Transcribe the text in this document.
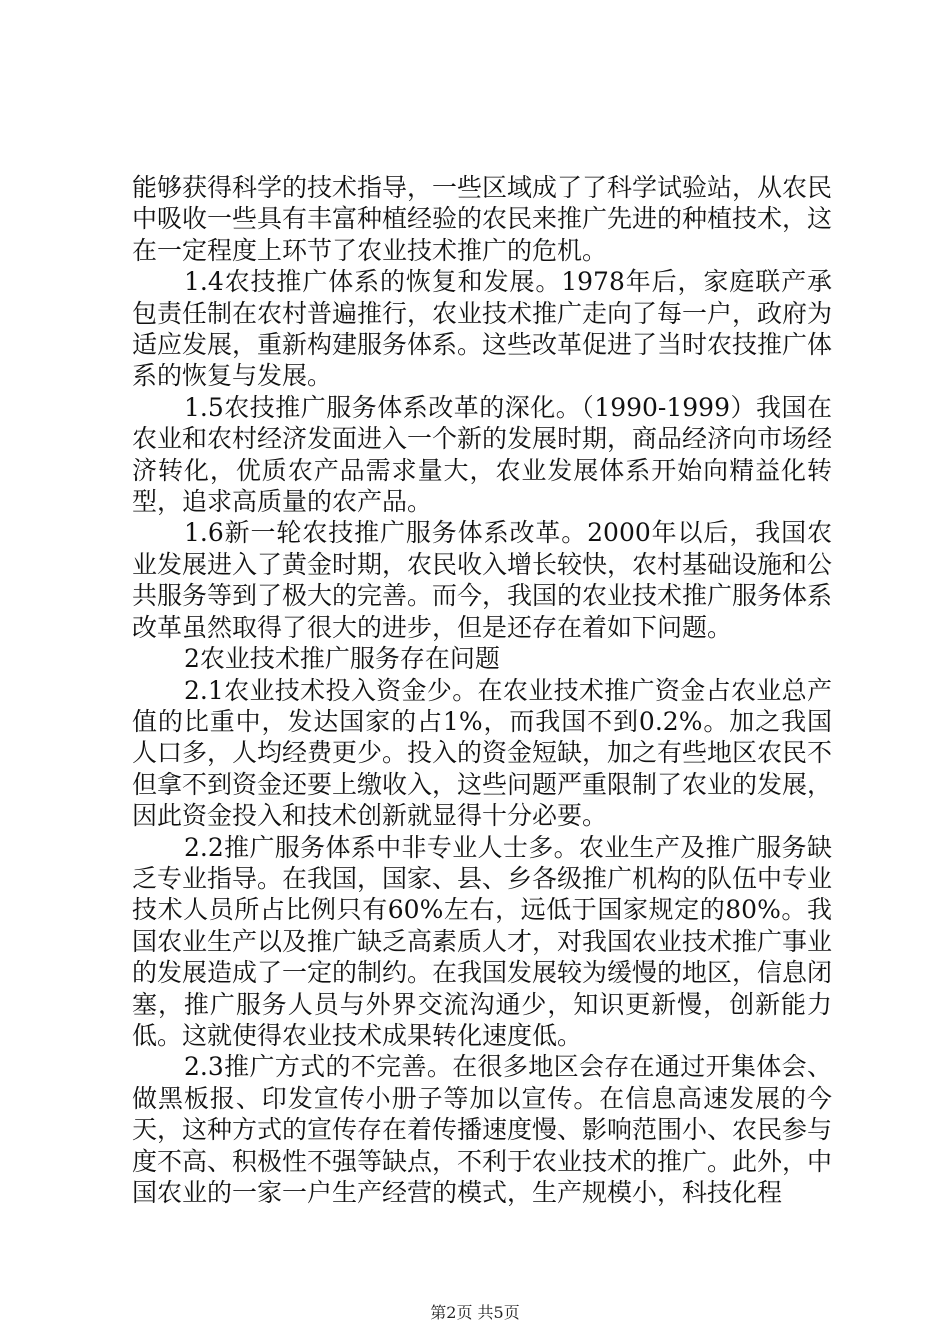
能够获得科学的技术指导，一些区域成了了科学试验站，从农民中吸收一些具有丰富种植经验的农民来推广先进的种植技术，这在一定程度上环节了农业技术推广的危机。

1.4农技推广体系的恢复和发展。1978年后，家庭联产承包责任制在农村普遍推行，农业技术推广走向了每一户，政府为适应发展，重新构建服务体系。这些改革促进了当时农技推广体系的恢复与发展。

1.5农技推广服务体系改革的深化。（1990-1999）我国在农业和农村经济发面进入一个新的发展时期，商品经济向市场经济转化，优质农产品需求量大，农业发展体系开始向精益化转型，追求高质量的农产品。

1.6新一轮农技推广服务体系改革。2000年以后，我国农业发展进入了黄金时期，农民收入增长较快，农村基础设施和公共服务等到了极大的完善。而今，我国的农业技术推广服务体系改革虽然取得了很大的进步，但是还存在着如下问题。

2农业技术推广服务存在问题

2.1农业技术投入资金少。在农业技术推广资金占农业总产值的比重中，发达国家的占1%，而我国不到0.2%。加之我国人口多，人均经费更少。投入的资金短缺，加之有些地区农民不但拿不到资金还要上缴收入，这些问题严重限制了农业的发展，因此资金投入和技术创新就显得十分必要。

2.2推广服务体系中非专业人士多。农业生产及推广服务缺乏专业指导。在我国，国家、县、乡各级推广机构的队伍中专业技术人员所占比例只有60%左右，远低于国家规定的80%。我国农业生产以及推广缺乏高素质人才，对我国农业技术推广事业的发展造成了一定的制约。在我国发展较为缓慢的地区，信息闭塞，推广服务人员与外界交流沟通少，知识更新慢，创新能力低。这就使得农业技术成果转化速度低。

2.3推广方式的不完善。在很多地区会存在通过开集体会、做黑板报、印发宣传小册子等加以宣传。在信息高速发展的今天，这种方式的宣传存在着传播速度慢、影响范围小、农民参与度不高、积极性不强等缺点，不利于农业技术的推广。此外，中国农业的一家一户生产经营的模式，生产规模小，科技化程

第2页 共5页
